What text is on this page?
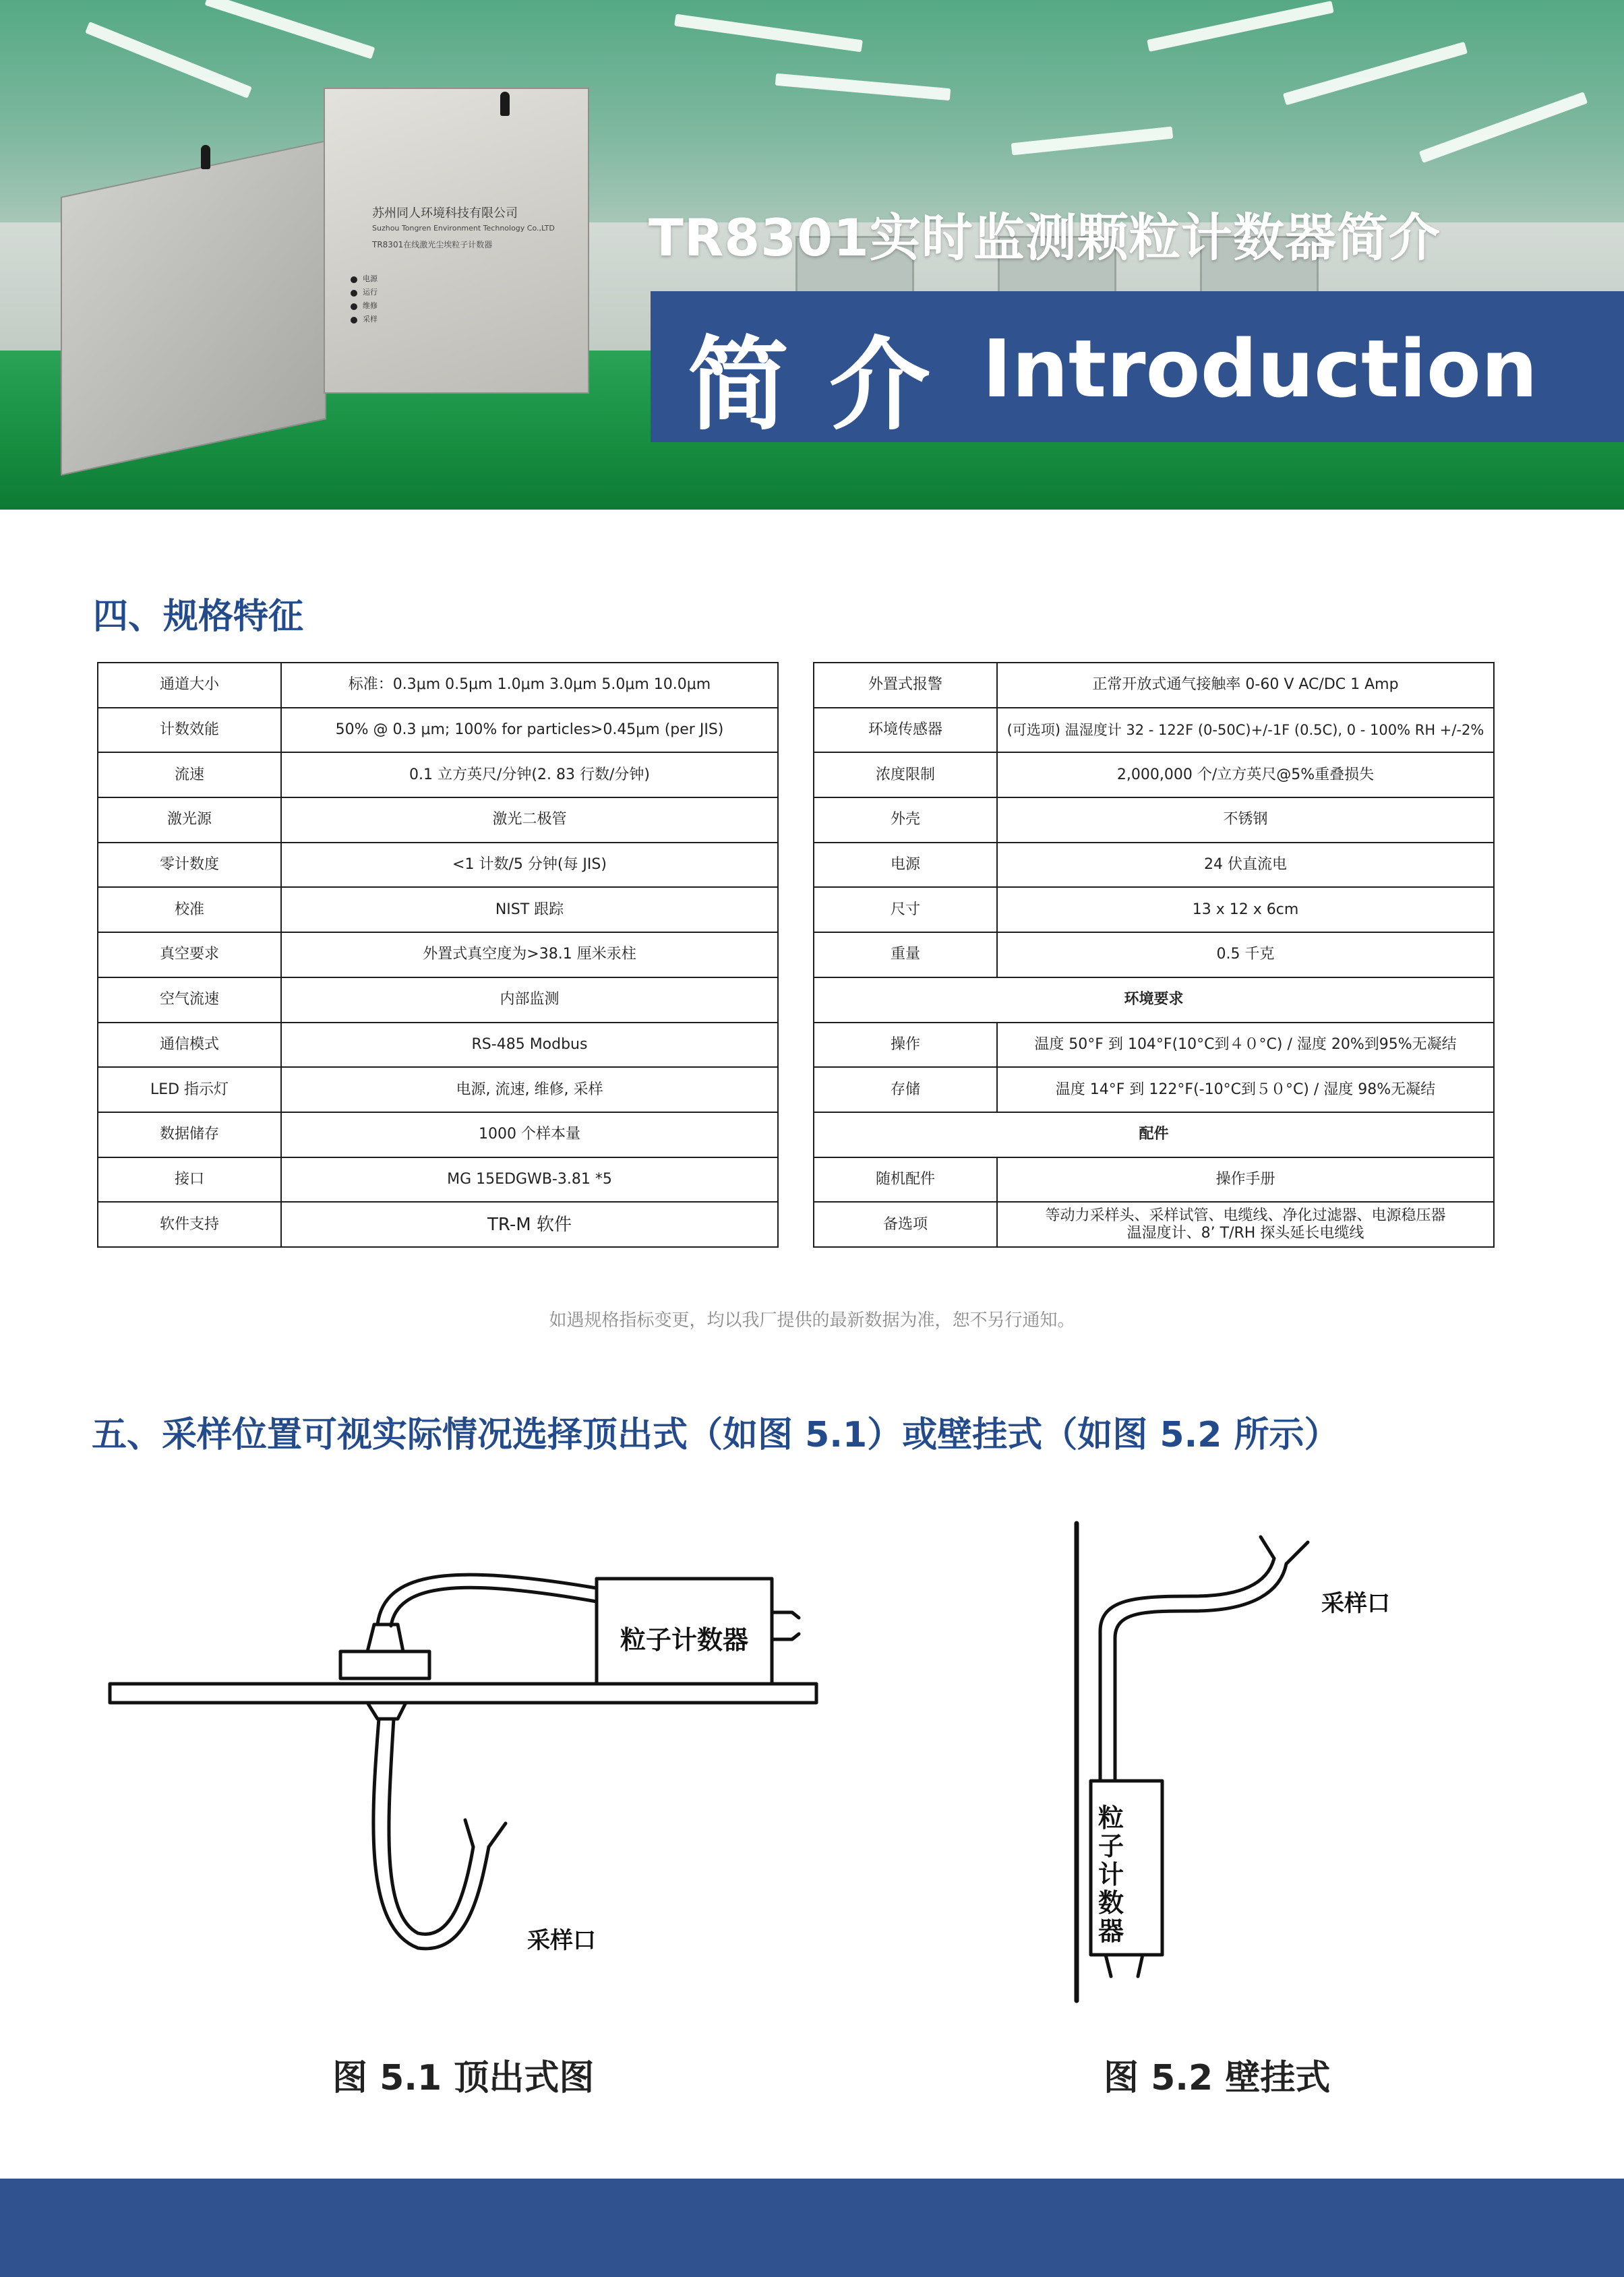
苏州同人环境科技有限公司
Suzhou Tongren Environment Technology Co.,LTD
TR8301在线激光尘埃粒子计数器
电源
运行
维修
采样
TR8301实时监测颗粒计数器简介
简介 Introduction
四、规格特征
通道大小	标准：0.3μm 0.5μm 1.0μm 3.0μm 5.0μm 10.0μm
计数效能	50% @ 0.3 μm; 100% for particles>0.45μm (per JIS)
流速	0.1 立方英尺/分钟(2. 83 行数/分钟)
激光源	激光二极管
零计数度	<1 计数/5 分钟(每 JIS)
校准	NIST 跟踪
真空要求	外置式真空度为>38.1 厘米汞柱
空气流速	内部监测
通信模式	RS-485 Modbus
LED 指示灯	电源, 流速, 维修, 采样
数据储存	1000 个样本量
接口	MG 15EDGWB-3.81 *5
软件支持	TR-M 软件
外置式报警	正常开放式通气接触率 0-60 V AC/DC 1 Amp
环境传感器	(可选项) 温湿度计 32 - 122F (0-50C)+/-1F (0.5C), 0 - 100% RH +/-2%
浓度限制	2,000,000 个/立方英尺@5%重叠损失
外壳	不锈钢
电源	24 伏直流电
尺寸	13 x 12 x 6cm
重量	0.5 千克
环境要求	
操作	温度 50°F 到 104°F(10°C到４０°C) / 湿度 20%到95%无凝结
存储	温度 14°F 到 122°F(-10°C到５０°C) / 湿度 98%无凝结
配件	
随机配件	操作手册
备选项	等动力采样头、采样试管、电缆线、净化过滤器、电源稳压器
温湿度计、8’ T/RH 探头延长电缆线
如遇规格指标变更，均以我厂提供的最新数据为准，恕不另行通知。
五、采样位置可视实际情况选择顶出式（如图 5.1）或壁挂式（如图 5.2 所示）
粒子计数器
采样口
图 5.1 顶出式图
采样口
粒
子
计
数
器
图 5.2 壁挂式
